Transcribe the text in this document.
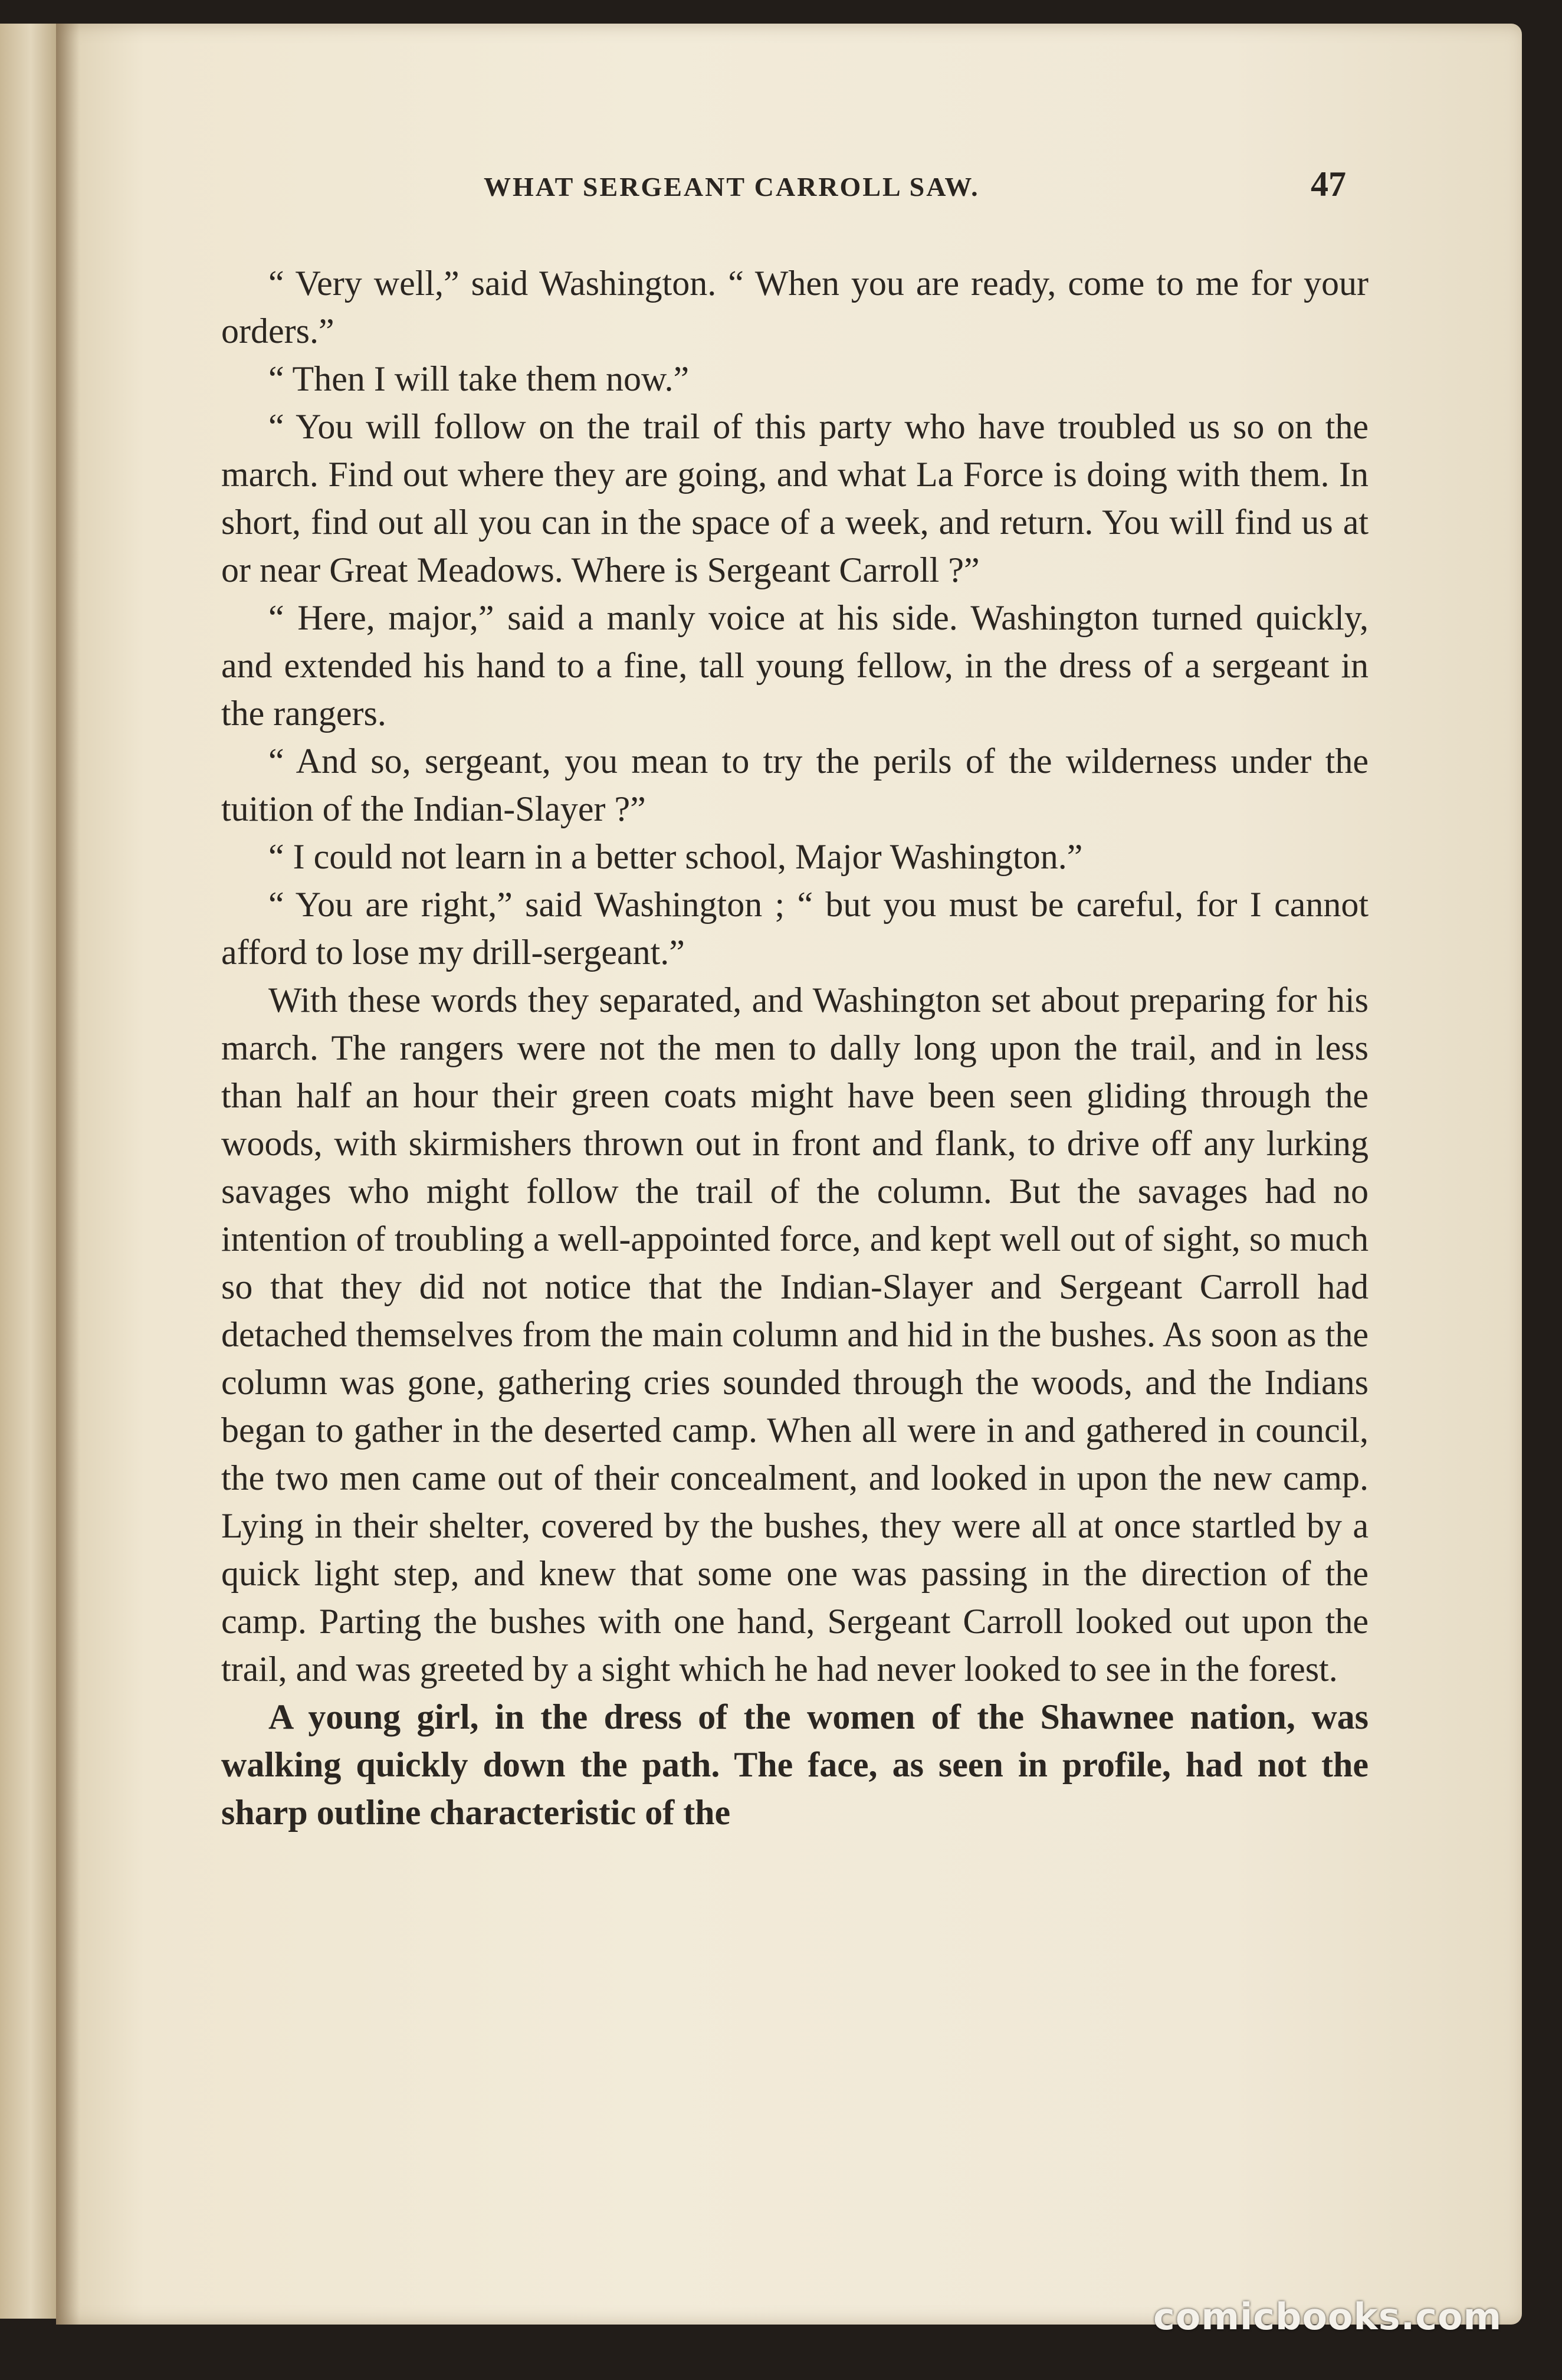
WHAT SERGEANT CARROLL SAW.	47

“ Very well,” said Washington. “ When you are ready, come to me for your orders.”

“ Then I will take them now.”

“ You will follow on the trail of this party who have troubled us so on the march. Find out where they are going, and what La Force is doing with them. In short, find out all you can in the space of a week, and return. You will find us at or near Great Meadows. Where is Sergeant Carroll ?”

“ Here, major,” said a manly voice at his side. Washington turned quickly, and extended his hand to a fine, tall young fellow, in the dress of a sergeant in the rangers.

“ And so, sergeant, you mean to try the perils of the wilderness under the tuition of the Indian-Slayer ?”

“ I could not learn in a better school, Major Washington.”

“ You are right,” said Washington ; “ but you must be careful, for I cannot afford to lose my drill-sergeant.”

With these words they separated, and Washington set about preparing for his march. The rangers were not the men to dally long upon the trail, and in less than half an hour their green coats might have been seen gliding through the woods, with skirmishers thrown out in front and flank, to drive off any lurking savages who might follow the trail of the column. But the savages had no intention of troubling a well-appointed force, and kept well out of sight, so much so that they did not notice that the Indian-Slayer and Sergeant Carroll had detached themselves from the main column and hid in the bushes. As soon as the column was gone, gathering cries sounded through the woods, and the Indians began to gather in the deserted camp. When all were in and gathered in council, the two men came out of their concealment, and looked in upon the new camp. Lying in their shelter, covered by the bushes, they were all at once startled by a quick light step, and knew that some one was passing in the direction of the camp. Parting the bushes with one hand, Sergeant Carroll looked out upon the trail, and was greeted by a sight which he had never looked to see in the forest.

A young girl, in the dress of the women of the Shawnee nation, was walking quickly down the path. The face, as seen in profile, had not the sharp outline characteristic of the

comicbooks.com
